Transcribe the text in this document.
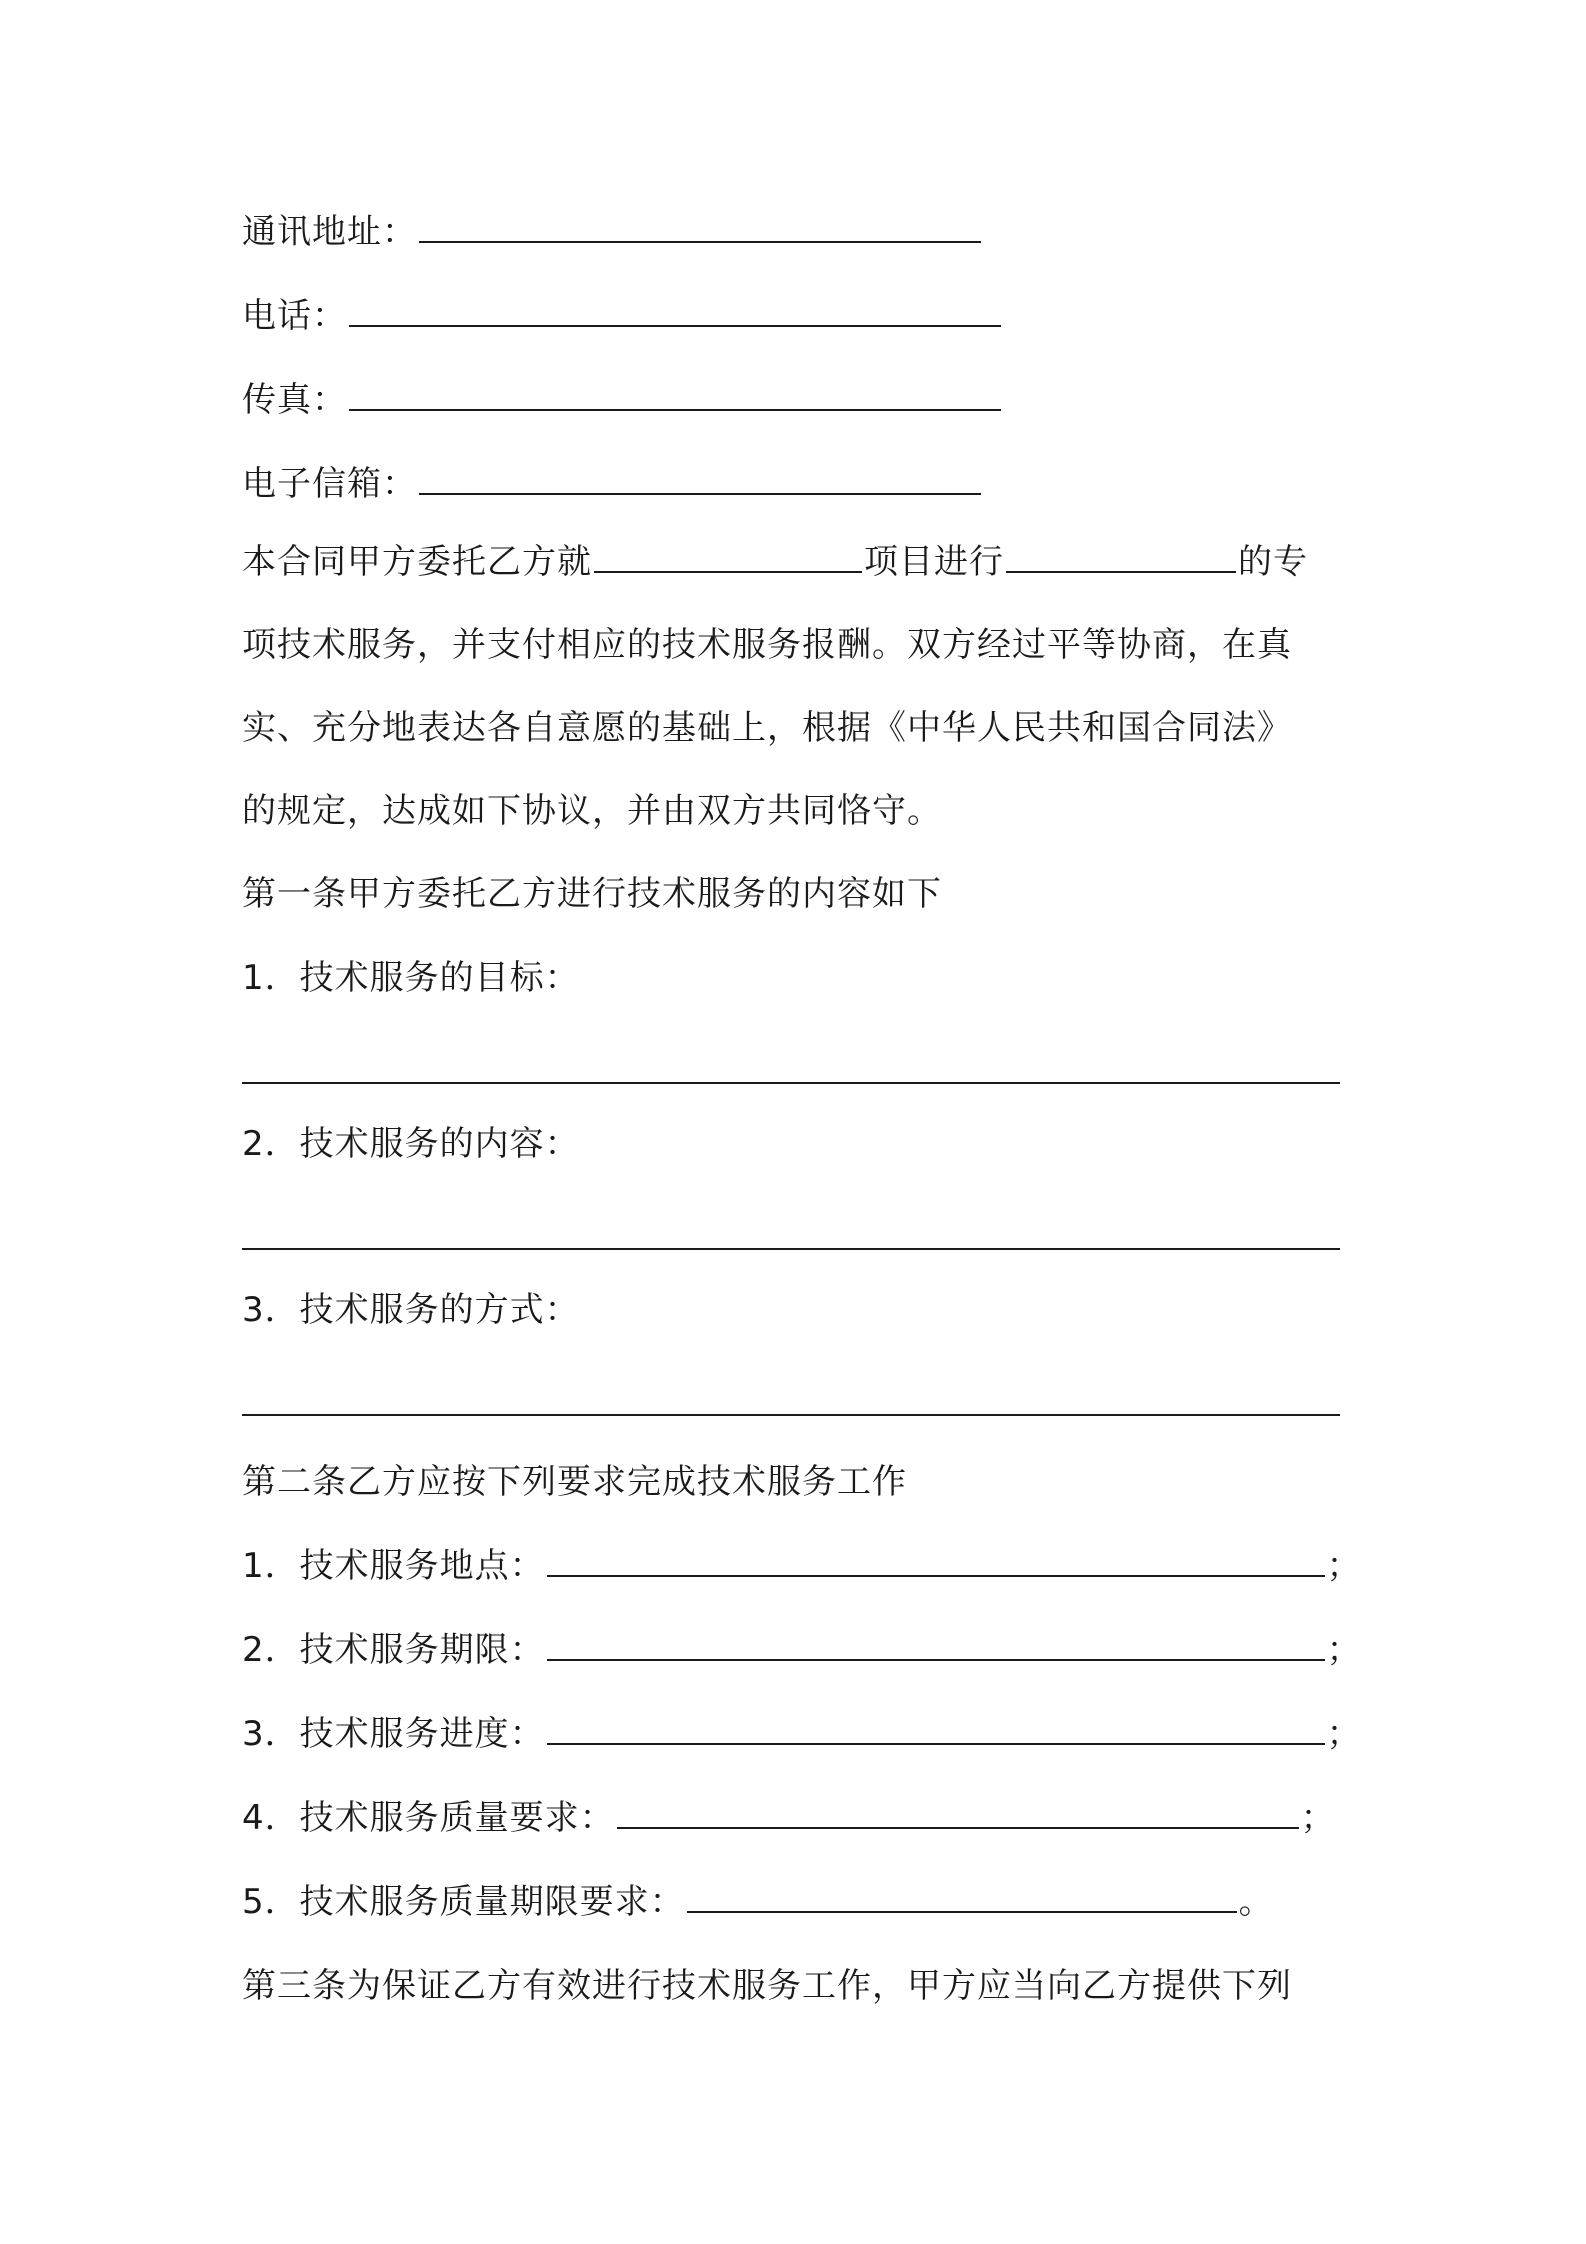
通讯地址：
电话：
传真：
电子信箱：
本合同甲方委托乙方就	项目进行	的专
项技术服务，并支付相应的技术服务报酬。双方经过平等协商，在真
实、充分地表达各自意愿的基础上，根据《中华人民共和国合同法》
的规定，达成如下协议，并由双方共同恪守。
第一条甲方委托乙方进行技术服务的内容如下
1．技术服务的目标：
2．技术服务的内容：
3．技术服务的方式：
第二条乙方应按下列要求完成技术服务工作
1．技术服务地点：	；
2．技术服务期限：	；
3．技术服务进度：	；
4．技术服务质量要求：	；
5．技术服务质量期限要求：	。
第三条为保证乙方有效进行技术服务工作，甲方应当向乙方提供下列
